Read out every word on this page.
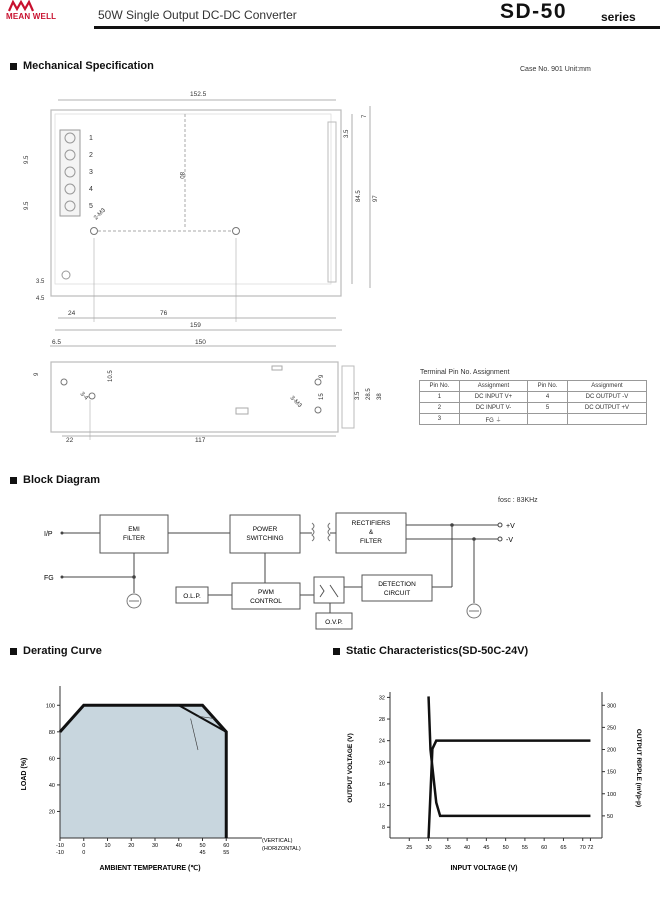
MEAN WELL	50W Single Output DC-DC Converter	SD-50	series
Mechanical Specification	Case No. 901 Unit:mm
1
2
3
4
5
80
2-M3
152.5
3.5
7
84.5 97
9.5
9.5
3.5
4.5
24	76
159
6.5	150
9
3-4
10.5
3-M3
9
15	3.5 28.5 38
22	117
Terminal Pin No. Assignment
Pin No.	Assignment	Pin No.	Assignment
1	DC INPUT V+	4	DC OUTPUT -V
2	DC INPUT V-	5	DC OUTPUT +V
3	FG ⏚		
Block Diagram
fosc : 83KHz
EMI
FILTER
POWER
SWITCHING
RECTIFIERS
&
FILTER
O.L.P.
PWM
CONTROL
DETECTION
CIRCUIT
O.V.P.
I/P
FG
+V
-V
Derating Curve
LOAD (%)
AMBIENT TEMPERATURE (℃)
(VERTICAL)
(HORIZONTAL)
100
80
60
40
20
-10
-10
0
0
10	20	30	40	50
45
60
55
Static Characteristics(SD-50C-24V)
OUTPUT VOLTAGE (V)	OUTPUT RIPPLE (mVp-p)
INPUT VOLTAGE (V)
32
28
24
20
16
12
8
300
250
200
150
100
50
25 30 35 40 45 50 55 60 65 70 72
